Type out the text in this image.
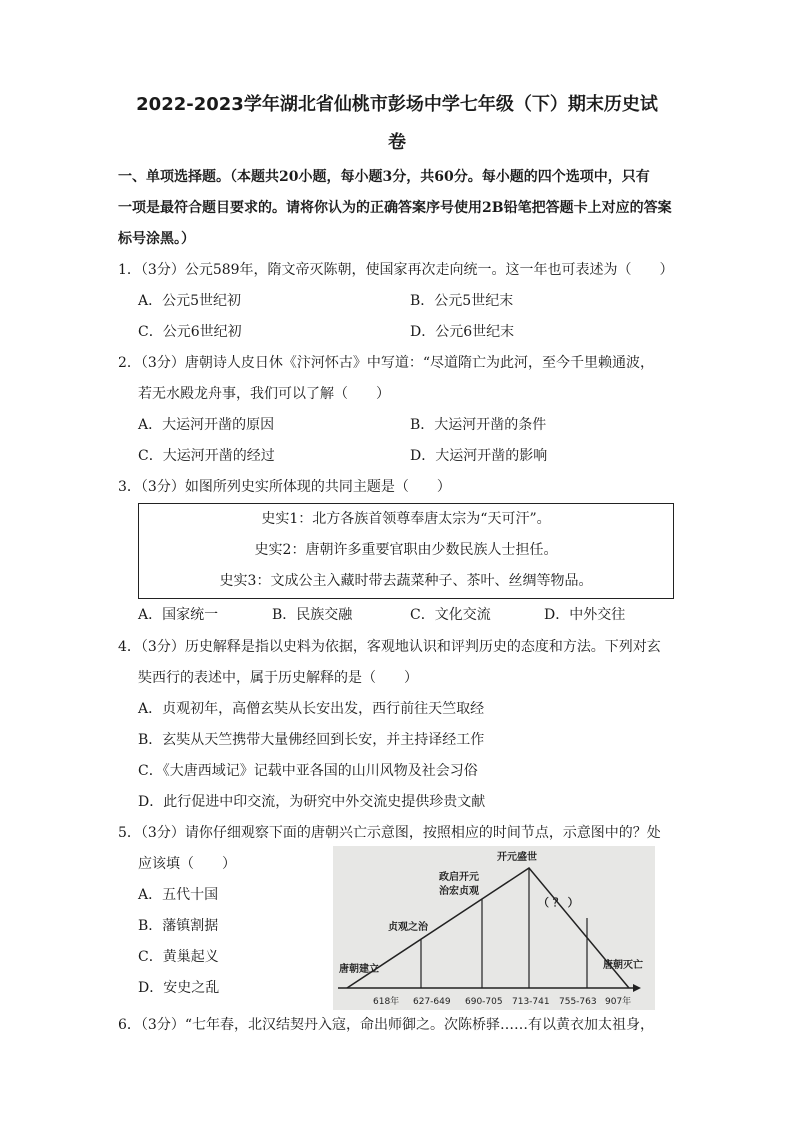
2022-2023学年湖北省仙桃市彭场中学七年级（下）期末历史试
卷
一、单项选择题。（本题共20小题，每小题3分，共60分。每小题的四个选项中，只有
一项是最符合题目要求的。请将你认为的正确答案序号使用2B铅笔把答题卡上对应的答案
标号涂黑。）
1．（3分）公元589年，隋文帝灭陈朝，使国家再次走向统一。这一年也可表述为（　　）
A．公元5世纪初	B．公元5世纪末
C．公元6世纪初	D．公元6世纪末
2．（3分）唐朝诗人皮日休《汴河怀古》中写道：“尽道隋亡为此河，至今千里赖通波，
若无水殿龙舟事，我们可以了解（　　）
A．大运河开凿的原因	B．大运河开凿的条件
C．大运河开凿的经过	D．大运河开凿的影响
3．（3分）如图所列史实所体现的共同主题是（　　）
史实1：北方各族首领尊奉唐太宗为“天可汗”。
史实2：唐朝许多重要官职由少数民族人士担任。
史实3：文成公主入藏时带去蔬菜种子、茶叶、丝绸等物品。
A．国家统一	B．民族交融	C．文化交流	D．中外交往
4．（3分）历史解释是指以史料为依据，客观地认识和评判历史的态度和方法。下列对玄
奘西行的表述中，属于历史解释的是（　　）
A．贞观初年，高僧玄奘从长安出发，西行前往天竺取经
B．玄奘从天竺携带大量佛经回到长安，并主持译经工作
C．《大唐西域记》记载中亚各国的山川风物及社会习俗
D．此行促进中印交流，为研究中外交流史提供珍贵文献
5．（3分）请你仔细观察下面的唐朝兴亡示意图，按照相应的时间节点，示意图中的？处
应该填（　　）
A．五代十国
B．藩镇割据
C．黄巢起义
D．安史之乱
开元盛世
贞观之治
政启开元
治宏贞观
（ ？ ）
唐朝建立	唐朝灭亡
618年 627-649 690-705 713-741 755-763 907年
6．（3分）“七年春，北汉结契丹入寇，命出师御之。次陈桥驿……有以黄衣加太祖身，
